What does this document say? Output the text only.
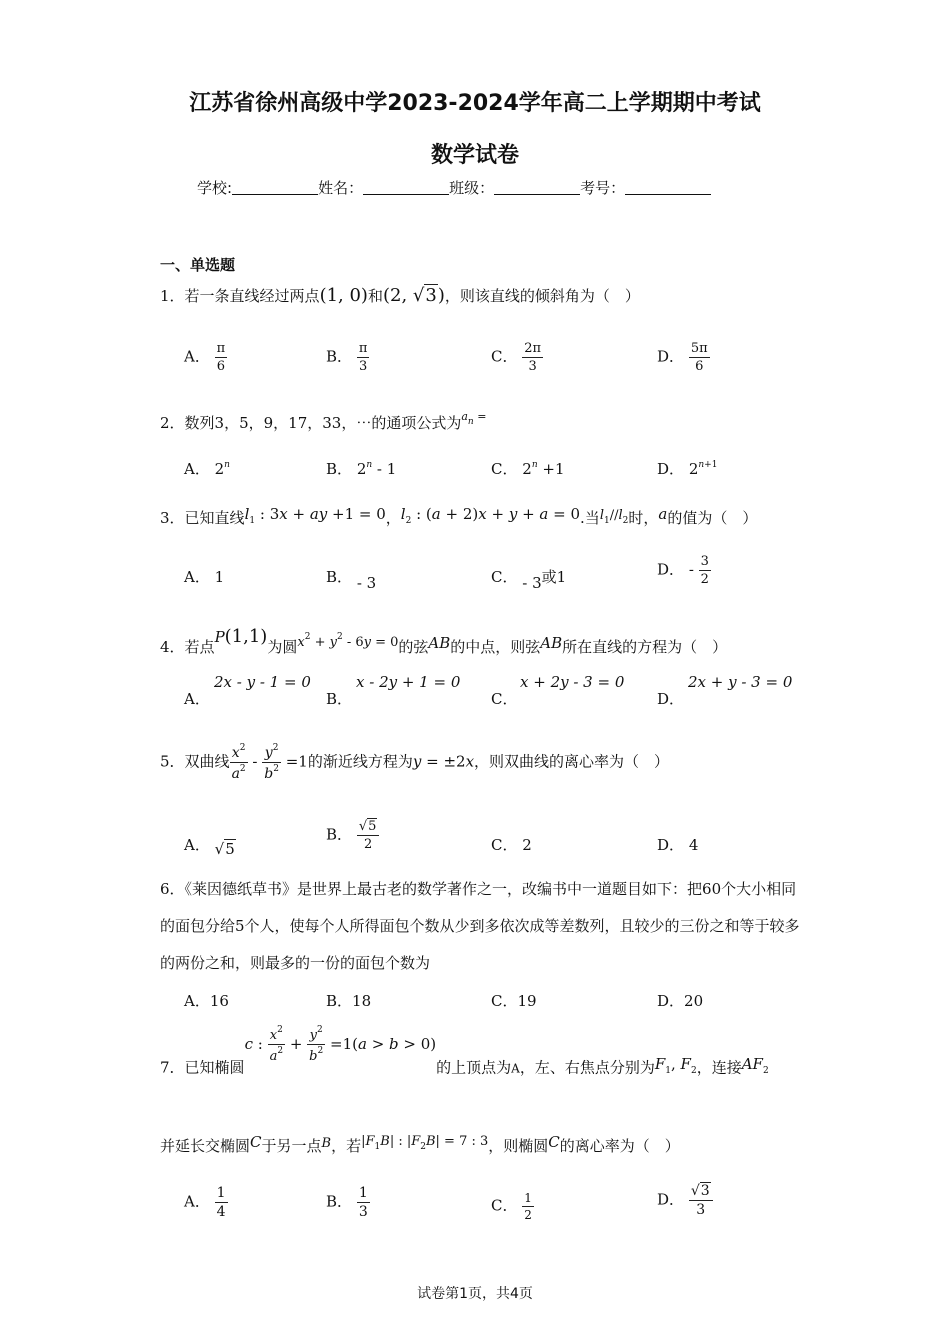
江苏省徐州高级中学2023-2024学年高二上学期期中考试
数学试卷
学校:	姓名：	班级：	考号：
一、单选题
1．若一条直线经过两点(1, 0)和(2, √3)，则该直线的倾斜角为（　）
A． $\frac{\pi}{6}$	B． $\frac{\pi}{3}$	C． $\frac{2\pi}{3}$	D． $\frac{5\pi}{6}$
2．数列3，5，9，17，33，⋯的通项公式为$^{a_n =}$
A． 2$^n$	B． 2$^n$ - 1	C． $2^n +1$	D． $2^{n+1}$
3．已知直线$l_1$ : 3x + ay +1 = 0，$l_2$ : (a + 2)x + y + a = 0.当$l_1//l_2$时，a的值为（　）
A． 1	B． - 3	C． - 3或1	D． - $\frac{3}{2}$
4．若点P(1,1)为圆$x^2 + y^2 - 6y = 0$的弦AB的中点，则弦AB所在直线的方程为（　）
A．
2x - y - 1 = 0
B．
x - 2y + 1 = 0
C．
x + 2y - 3 = 0
D．
2x + y - 3 = 0
5．双曲线 $\frac{x^2}{a^2} - \frac{y^2}{b^2} =1$的渐近线方程为y = ±2x，则双曲线的离心率为（　）
A． √5
B． $\frac{√5}{2}$	C． 2	D． 4
6．《莱因德纸草书》是世界上最古老的数学著作之一，改编书中一道题目如下：把60个大小相同的面包分给5个人，使每个人所得面包个数从少到多依次成等差数列，且较少的三份之和等于较多的两份之和，则最多的一份的面包个数为
A．16	B．18	C．19	D．20
7．已知椭圆c : $\frac{x^2}{a^2} + \frac{y^2}{b^2} =1(a > b > 0)$的上顶点为$_A$，左、右焦点分别为$F_1$, $F_2$，连接$AF_2$
并延长交椭圆C于另一点B，若$|F_1B|$ : $|F_2B| = 7$ : 3，则椭圆C的离心率为（　）
A． $\frac{1}{4}$	B． $\frac{1}{3}$	C． $\frac{1}{2}$	D． $\frac{√3}{3}$
试卷第1页，共4页
